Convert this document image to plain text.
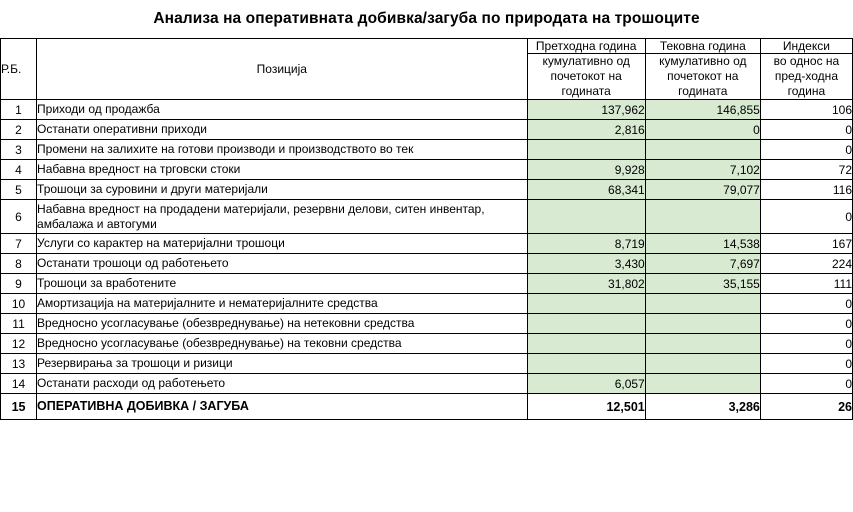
Анализа на оперативната добивка/загуба по природата на трошоците
Р.Б.	Позиција	Претходна година	Тековна година	Индекси
		кумулативно од почетокот на годината	кумулативно од почетокот на годината	во однос на пред-ходна година
1	Приходи од продажба	137,962	146,855	106
2	Останати оперативни приходи	2,816	0	0
3	Промени на залихите на готови производи и производството во тек			0
4	Набавна вредност на трговски стоки	9,928	7,102	72
5	Трошоци за суровини и други материјали	68,341	79,077	116
6	Набавна вредност на продадени материјали, резервни делови, ситен инвентар, амбалажа и автогуми			0
7	Услуги со карактер на материјални трошоци	8,719	14,538	167
8	Останати трошоци од работењето	3,430	7,697	224
9	Трошоци за вработените	31,802	35,155	111
10	Амортизација на материјалните и нематеријалните средства			0
11	Вредносно усогласување (обезвреднување) на нетековни средства			0
12	Вредносно усогласување (обезвреднување) на тековни средства			0
13	Резервирања за трошоци и ризици			0
14	Останати расходи од работењето	6,057		0
15	ОПЕРАТИВНА ДОБИВКА / ЗАГУБА	12,501	3,286	26
